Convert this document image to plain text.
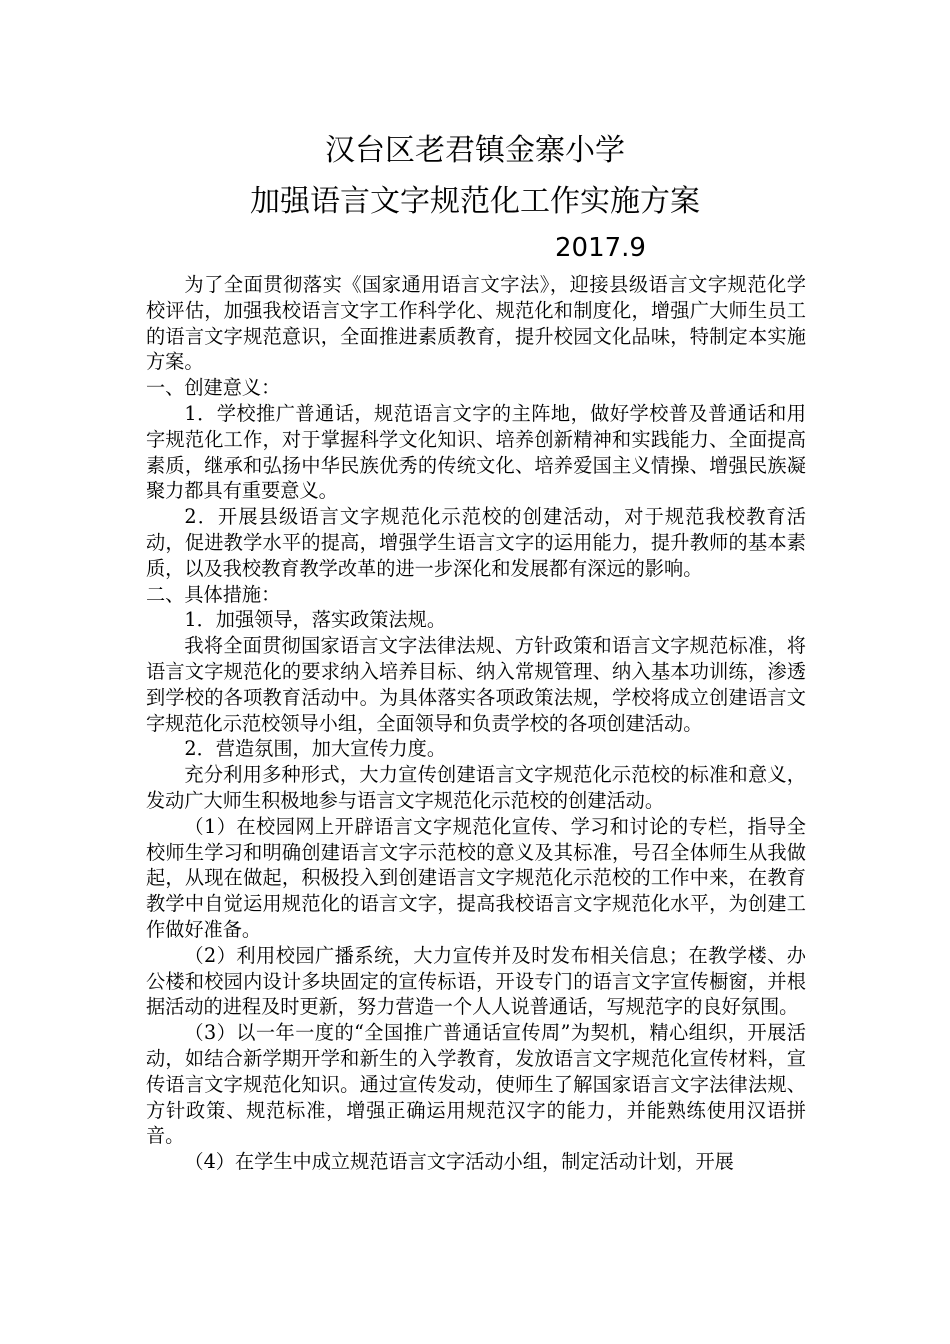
汉台区老君镇金寨小学
加强语言文字规范化工作实施方案
2017.9

为了全面贯彻落实《国家通用语言文字法》，迎接县级语言文字规范化学校评估，加强我校语言文字工作科学化、规范化和制度化，增强广大师生员工的语言文字规范意识，全面推进素质教育，提升校园文化品味，特制定本实施方案。

一、创建意义：

1．学校推广普通话，规范语言文字的主阵地，做好学校普及普通话和用字规范化工作，对于掌握科学文化知识、培养创新精神和实践能力、全面提高素质，继承和弘扬中华民族优秀的传统文化、培养爱国主义情操、增强民族凝聚力都具有重要意义。

2．开展县级语言文字规范化示范校的创建活动，对于规范我校教育活动，促进教学水平的提高，增强学生语言文字的运用能力，提升教师的基本素质，以及我校教育教学改革的进一步深化和发展都有深远的影响。

二、具体措施：

1．加强领导，落实政策法规。

我将全面贯彻国家语言文字法律法规、方针政策和语言文字规范标准，将语言文字规范化的要求纳入培养目标、纳入常规管理、纳入基本功训练，渗透到学校的各项教育活动中。为具体落实各项政策法规，学校将成立创建语言文字规范化示范校领导小组，全面领导和负责学校的各项创建活动。

2．营造氛围，加大宣传力度。

充分利用多种形式，大力宣传创建语言文字规范化示范校的标准和意义，发动广大师生积极地参与语言文字规范化示范校的创建活动。

（1）在校园网上开辟语言文字规范化宣传、学习和讨论的专栏，指导全校师生学习和明确创建语言文字示范校的意义及其标准，号召全体师生从我做起，从现在做起，积极投入到创建语言文字规范化示范校的工作中来，在教育教学中自觉运用规范化的语言文字，提高我校语言文字规范化水平，为创建工作做好准备。

（2）利用校园广播系统，大力宣传并及时发布相关信息；在教学楼、办公楼和校园内设计多块固定的宣传标语，开设专门的语言文字宣传橱窗，并根据活动的进程及时更新，努力营造一个人人说普通话，写规范字的良好氛围。

（3）以一年一度的“全国推广普通话宣传周”为契机，精心组织，开展活动，如结合新学期开学和新生的入学教育，发放语言文字规范化宣传材料，宣传语言文字规范化知识。通过宣传发动，使师生了解国家语言文字法律法规、方针政策、规范标准，增强正确运用规范汉字的能力，并能熟练使用汉语拼音。

（4）在学生中成立规范语言文字活动小组，制定活动计划，开展
